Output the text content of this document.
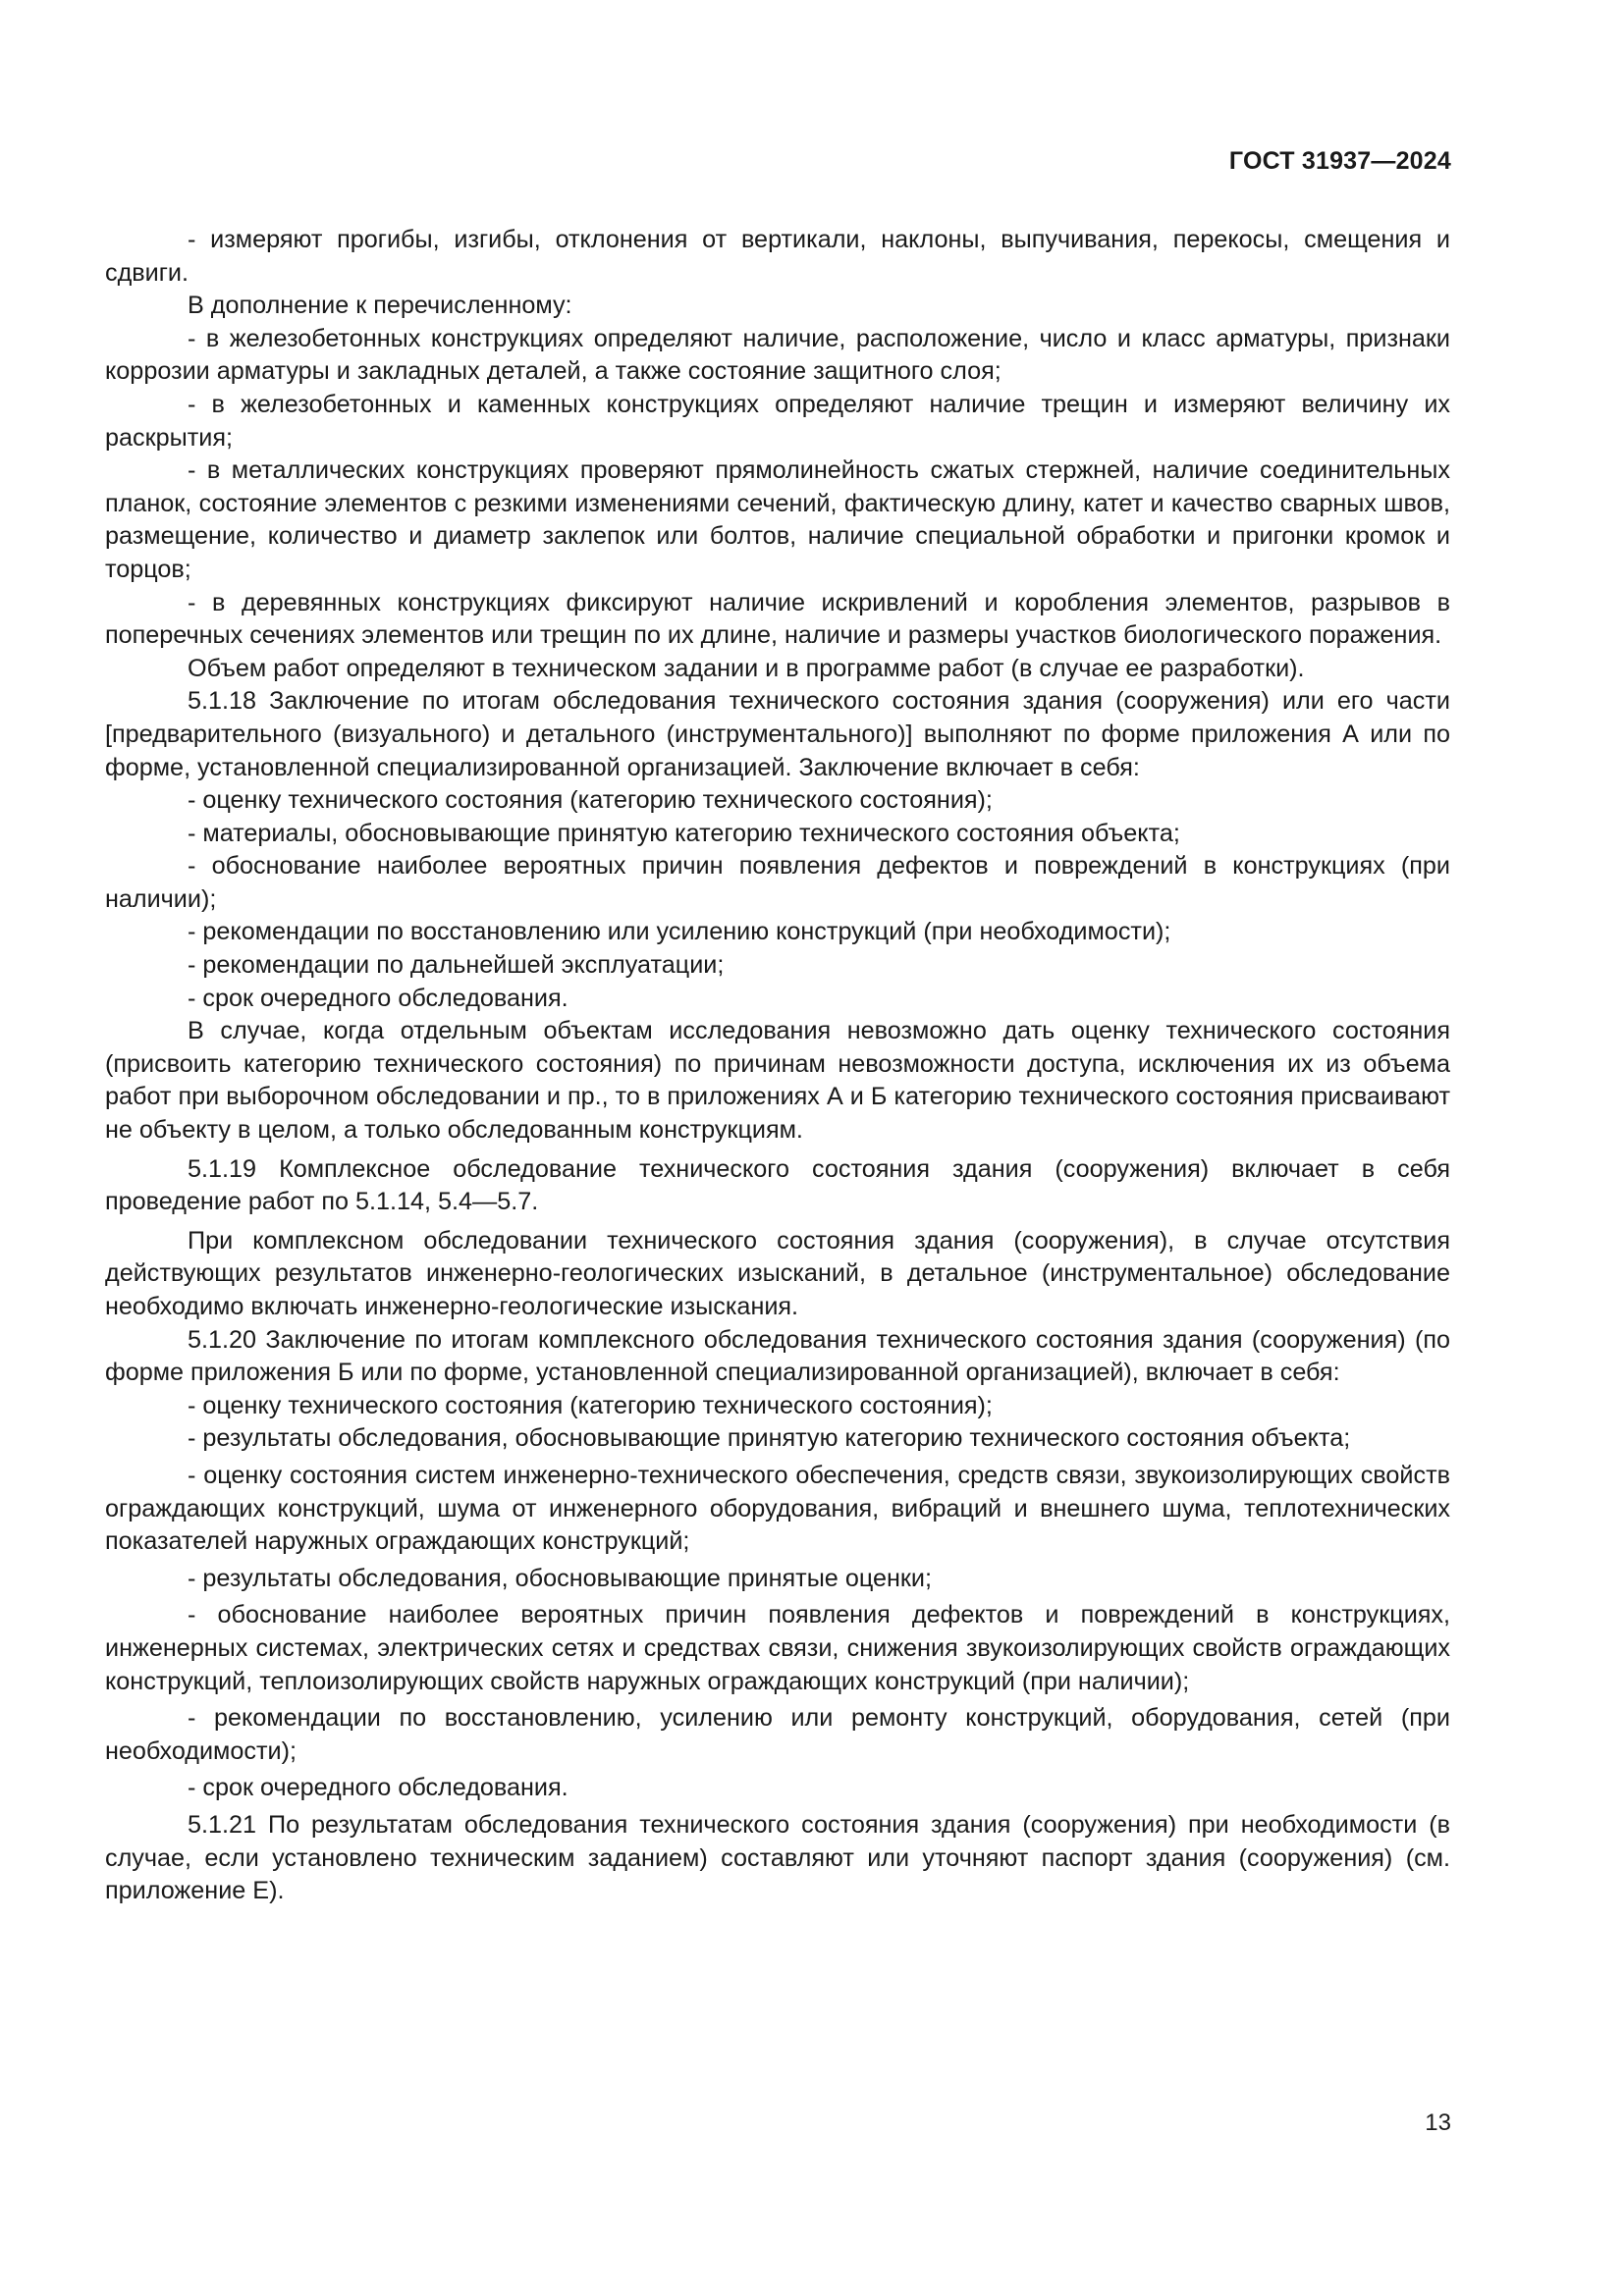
ГОСТ 31937—2024

- измеряют прогибы, изгибы, отклонения от вертикали, наклоны, выпучивания, перекосы, смещения и сдвиги.

В дополнение к перечисленному:

- в железобетонных конструкциях определяют наличие, расположение, число и класс арматуры, признаки коррозии арматуры и закладных деталей, а также состояние защитного слоя;

- в железобетонных и каменных конструкциях определяют наличие трещин и измеряют величину их раскрытия;

- в металлических конструкциях проверяют прямолинейность сжатых стержней, наличие соединительных планок, состояние элементов с резкими изменениями сечений, фактическую длину, катет и качество сварных швов, размещение, количество и диаметр заклепок или болтов, наличие специальной обработки и пригонки кромок и торцов;

- в деревянных конструкциях фиксируют наличие искривлений и коробления элементов, разрывов в поперечных сечениях элементов или трещин по их длине, наличие и размеры участков биологического поражения.

Объем работ определяют в техническом задании и в программе работ (в случае ее разработки).

5.1.18 Заключение по итогам обследования технического состояния здания (сооружения) или его части [предварительного (визуального) и детального (инструментального)] выполняют по форме приложения А или по форме, установленной специализированной организацией. Заключение включает в себя:

- оценку технического состояния (категорию технического состояния);

- материалы, обосновывающие принятую категорию технического состояния объекта;

- обоснование наиболее вероятных причин появления дефектов и повреждений в конструкциях (при наличии);

- рекомендации по восстановлению или усилению конструкций (при необходимости);

- рекомендации по дальнейшей эксплуатации;

- срок очередного обследования.

В случае, когда отдельным объектам исследования невозможно дать оценку технического состояния (присвоить категорию технического состояния) по причинам невозможности доступа, исключения их из объема работ при выборочном обследовании и пр., то в приложениях А и Б категорию технического состояния присваивают не объекту в целом, а только обследованным конструкциям.

5.1.19 Комплексное обследование технического состояния здания (сооружения) включает в себя проведение работ по 5.1.14, 5.4—5.7.

При комплексном обследовании технического состояния здания (сооружения), в случае отсутствия действующих результатов инженерно-геологических изысканий, в детальное (инструментальное) обследование необходимо включать инженерно-геологические изыскания.

5.1.20 Заключение по итогам комплексного обследования технического состояния здания (сооружения) (по форме приложения Б или по форме, установленной специализированной организацией), включает в себя:

- оценку технического состояния (категорию технического состояния);

- результаты обследования, обосновывающие принятую категорию технического состояния объекта;

- оценку состояния систем инженерно-технического обеспечения, средств связи, звукоизолирующих свойств ограждающих конструкций, шума от инженерного оборудования, вибраций и внешнего шума, теплотехнических показателей наружных ограждающих конструкций;

- результаты обследования, обосновывающие принятые оценки;

- обоснование наиболее вероятных причин появления дефектов и повреждений в конструкциях, инженерных системах, электрических сетях и средствах связи, снижения звукоизолирующих свойств ограждающих конструкций, теплоизолирующих свойств наружных ограждающих конструкций (при наличии);

- рекомендации по восстановлению, усилению или ремонту конструкций, оборудования, сетей (при необходимости);

- срок очередного обследования.

5.1.21 По результатам обследования технического состояния здания (сооружения) при необходимости (в случае, если установлено техническим заданием) составляют или уточняют паспорт здания (сооружения) (см. приложение Е).

13
